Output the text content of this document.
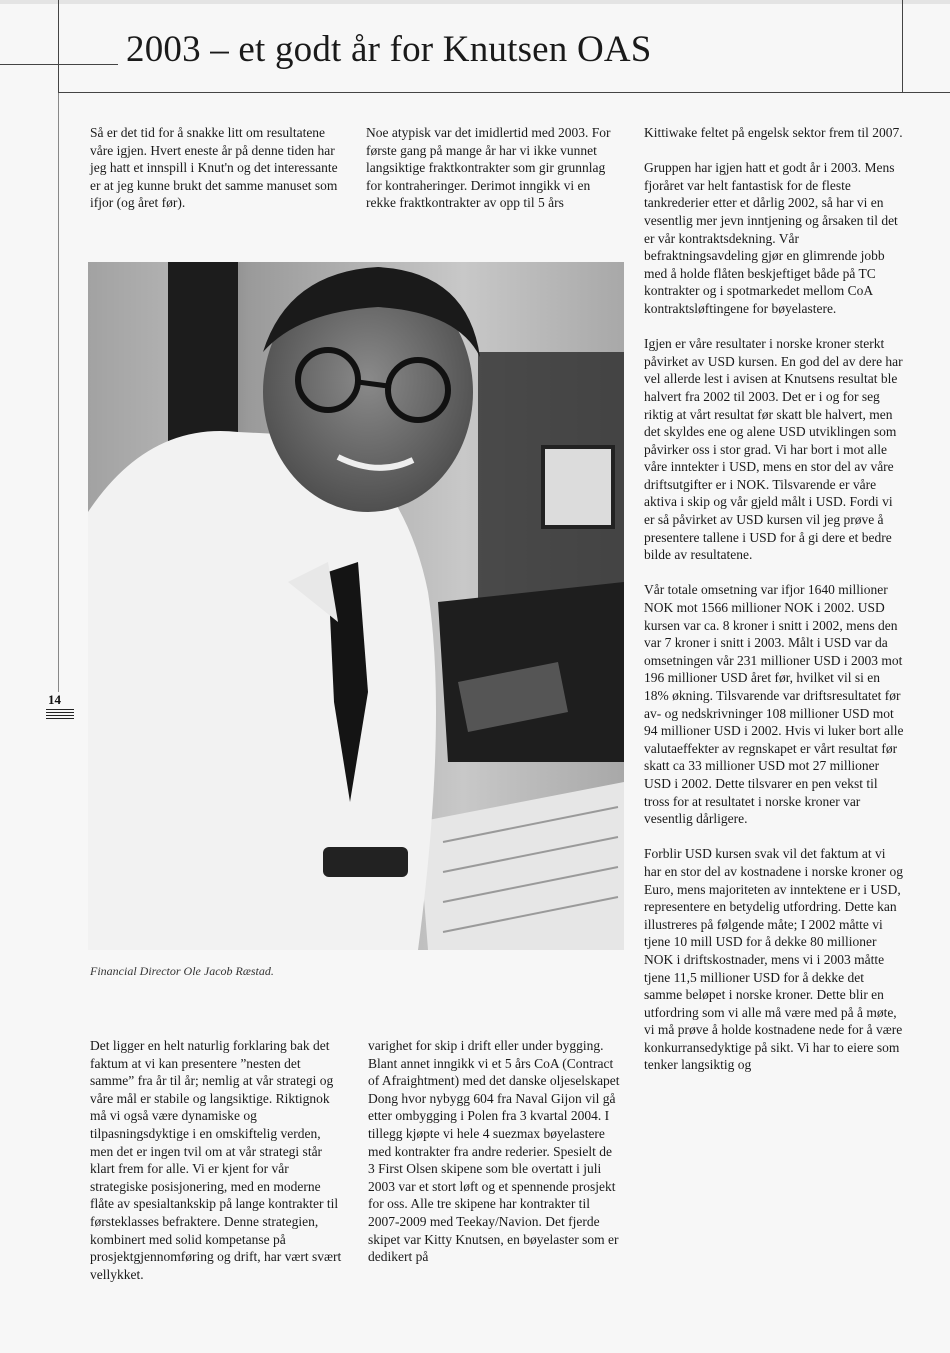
2003 – et godt år for Knutsen OAS

Så er det tid for å snakke litt om resultatene våre igjen. Hvert eneste år på denne tiden har jeg hatt et innspill i Knut'n og det interessante er at jeg kunne brukt det samme manuset som ifjor (og året før).

Noe atypisk var det imidlertid med 2003. For første gang på mange år har vi ikke vunnet langsiktige fraktkontrakter som gir grunnlag for kontraheringer. Derimot inngikk vi en rekke fraktkontrakter av opp til 5 års

Kittiwake feltet på engelsk sektor frem til 2007.

Gruppen har igjen hatt et godt år i 2003. Mens fjoråret var helt fantastisk for de fleste tankrederier etter et dårlig 2002, så har vi en vesentlig mer jevn inntjening og årsaken til det er vår kontraktsdekning. Vår befraktningsavdeling gjør en glimrende jobb med å holde flåten beskjeftiget både på TC kontrakter og i spotmarkedet mellom CoA kontraktsløftingene for bøyelastere.

Igjen er våre resultater i norske kroner sterkt påvirket av USD kursen. En god del av dere har vel allerde lest i avisen at Knutsens resultat ble halvert fra 2002 til 2003. Det er i og for seg riktig at vårt resultat før skatt ble halvert, men det skyldes ene og alene USD utviklingen som påvirker oss i stor grad. Vi har bort i mot alle våre inntekter i USD, mens en stor del av våre driftsutgifter er i NOK. Tilsvarende er våre aktiva i skip og vår gjeld målt i USD. Fordi vi er så påvirket av USD kursen vil jeg prøve å presentere tallene i USD for å gi dere et bedre bilde av resultatene.

Vår totale omsetning var ifjor 1640 millioner NOK mot 1566 millioner NOK i 2002. USD kursen var ca. 8 kroner i snitt i 2002, mens den var 7 kroner i snitt i 2003. Målt i USD var da omsetningen vår 231 millioner USD i 2003 mot 196 millioner USD året før, hvilket vil si en 18% økning. Tilsvarende var driftsresultatet før av- og nedskrivninger 108 millioner USD mot 94 millioner USD i 2002. Hvis vi luker bort alle valutaeffekter av regnskapet er vårt resultat før skatt ca 33 millioner USD mot 27 millioner USD i 2002. Dette tilsvarer en pen vekst til tross for at resultatet i norske kroner var vesentlig dårligere.

Forblir USD kursen svak vil det faktum at vi har en stor del av kostnadene i norske kroner og Euro, mens majoriteten av inntektene er i USD, representere en betydelig utfordring. Dette kan illustreres på følgende måte; I 2002 måtte vi tjene 10 mill USD for å dekke 80 millioner NOK i driftskostnader, mens vi i 2003 måtte tjene 11,5 millioner USD for å dekke det samme beløpet i norske kroner. Dette blir en utfordring som vi alle må være med på å møte, vi må prøve å holde kostnadene nede for å være konkurransedyktige på sikt. Vi har to eiere som tenker langsiktig og

Financial Director Ole Jacob Ræstad.

14

Det ligger en helt naturlig forklaring bak det faktum at vi kan presentere ”nesten det samme” fra år til år; nemlig at vår strategi og våre mål er stabile og langsiktige. Riktignok må vi også være dynamiske og tilpasningsdyktige i en omskiftelig verden, men det er ingen tvil om at vår strategi står klart frem for alle. Vi er kjent for vår strategiske posisjonering, med en moderne flåte av spesialtankskip på lange kontrakter til førsteklasses befraktere. Denne strategien, kombinert med solid kompetanse på prosjektgjennomføring og drift, har vært svært vellykket.

varighet for skip i drift eller under bygging. Blant annet inngikk vi et 5 års CoA (Contract of Afraightment) med det danske oljeselskapet Dong hvor nybygg 604 fra Naval Gijon vil gå etter ombygging i Polen fra 3 kvartal 2004. I tillegg kjøpte vi hele 4 suezmax bøyelastere med kontrakter fra andre rederier. Spesielt de 3 First Olsen skipene som ble overtatt i juli 2003 var et stort løft og et spennende prosjekt for oss. Alle tre skipene har kontrakter til 2007-2009 med Teekay/Navion. Det fjerde skipet var Kitty Knutsen, en bøyelaster som er dedikert på
